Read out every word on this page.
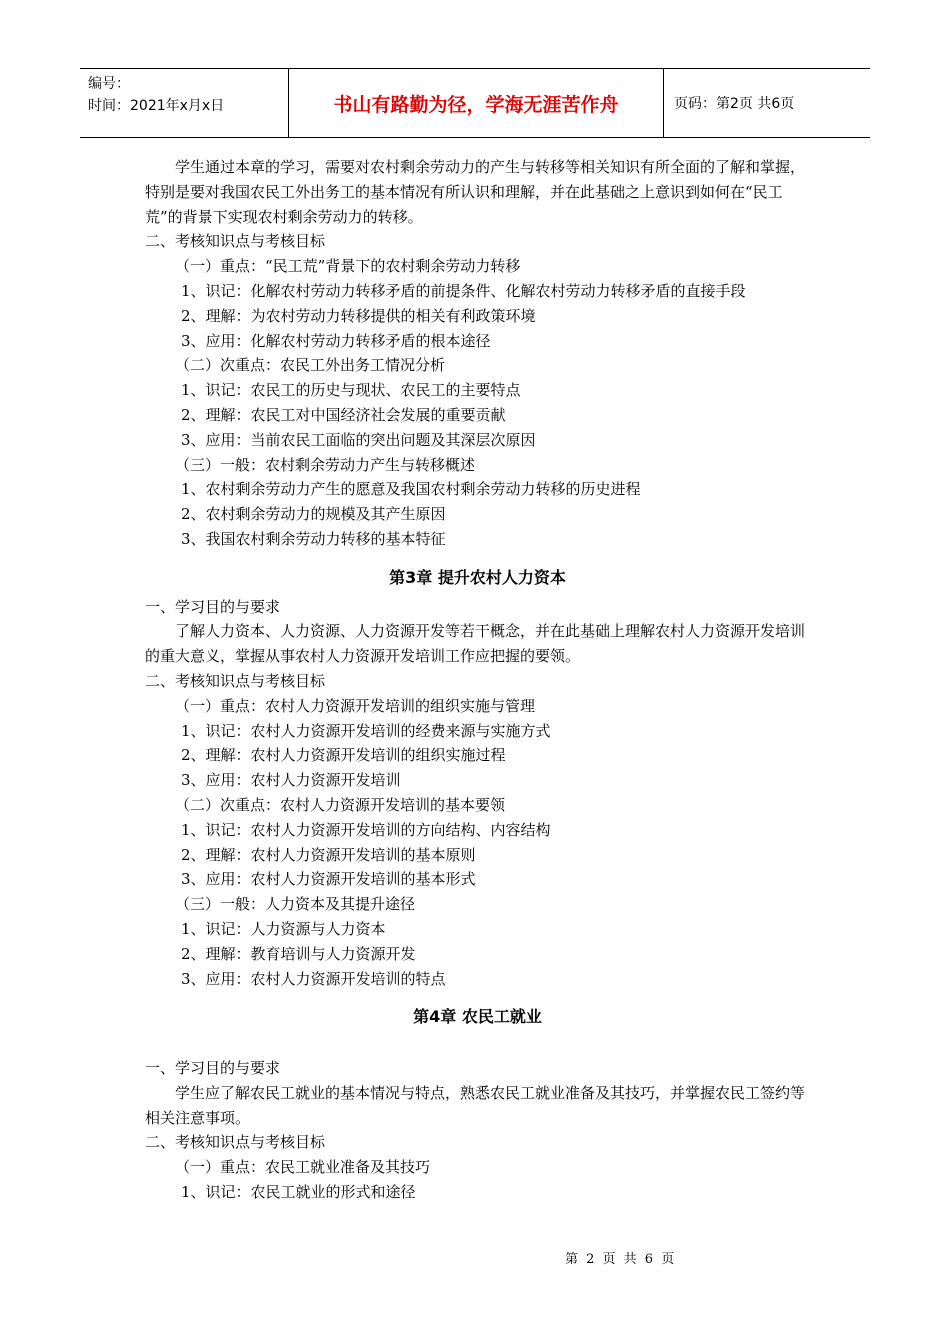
编号：
时间：2021年x月x日	书山有路勤为径，学海无涯苦作舟	页码：第2页 共6页

学生通过本章的学习，需要对农村剩余劳动力的产生与转移等相关知识有所全面的了解和掌握，特别是要对我国农民工外出务工的基本情况有所认识和理解，并在此基础之上意识到如何在“民工荒”的背景下实现农村剩余劳动力的转移。

二、考核知识点与考核目标

（一）重点：“民工荒”背景下的农村剩余劳动力转移

1、识记：化解农村劳动力转移矛盾的前提条件、化解农村劳动力转移矛盾的直接手段

2、理解：为农村劳动力转移提供的相关有利政策环境

3、应用：化解农村劳动力转移矛盾的根本途径

（二）次重点：农民工外出务工情况分析

1、识记：农民工的历史与现状、农民工的主要特点

2、理解：农民工对中国经济社会发展的重要贡献

3、应用：当前农民工面临的突出问题及其深层次原因

（三）一般：农村剩余劳动力产生与转移概述

1、农村剩余劳动力产生的愿意及我国农村剩余劳动力转移的历史进程

2、农村剩余劳动力的规模及其产生原因

3、我国农村剩余劳动力转移的基本特征

第3章 提升农村人力资本

一、学习目的与要求

了解人力资本、人力资源、人力资源开发等若干概念，并在此基础上理解农村人力资源开发培训的重大意义，掌握从事农村人力资源开发培训工作应把握的要领。

二、考核知识点与考核目标

（一）重点：农村人力资源开发培训的组织实施与管理

1、识记：农村人力资源开发培训的经费来源与实施方式

2、理解：农村人力资源开发培训的组织实施过程

3、应用：农村人力资源开发培训

（二）次重点：农村人力资源开发培训的基本要领

1、识记：农村人力资源开发培训的方向结构、内容结构

2、理解：农村人力资源开发培训的基本原则

3、应用：农村人力资源开发培训的基本形式

（三）一般：人力资本及其提升途径

1、识记：人力资源与人力资本

2、理解：教育培训与人力资源开发

3、应用：农村人力资源开发培训的特点

第4章 农民工就业

一、学习目的与要求

学生应了解农民工就业的基本情况与特点，熟悉农民工就业准备及其技巧，并掌握农民工签约等相关注意事项。

二、考核知识点与考核目标

（一）重点：农民工就业准备及其技巧

1、识记：农民工就业的形式和途径

第 2 页 共 6 页
